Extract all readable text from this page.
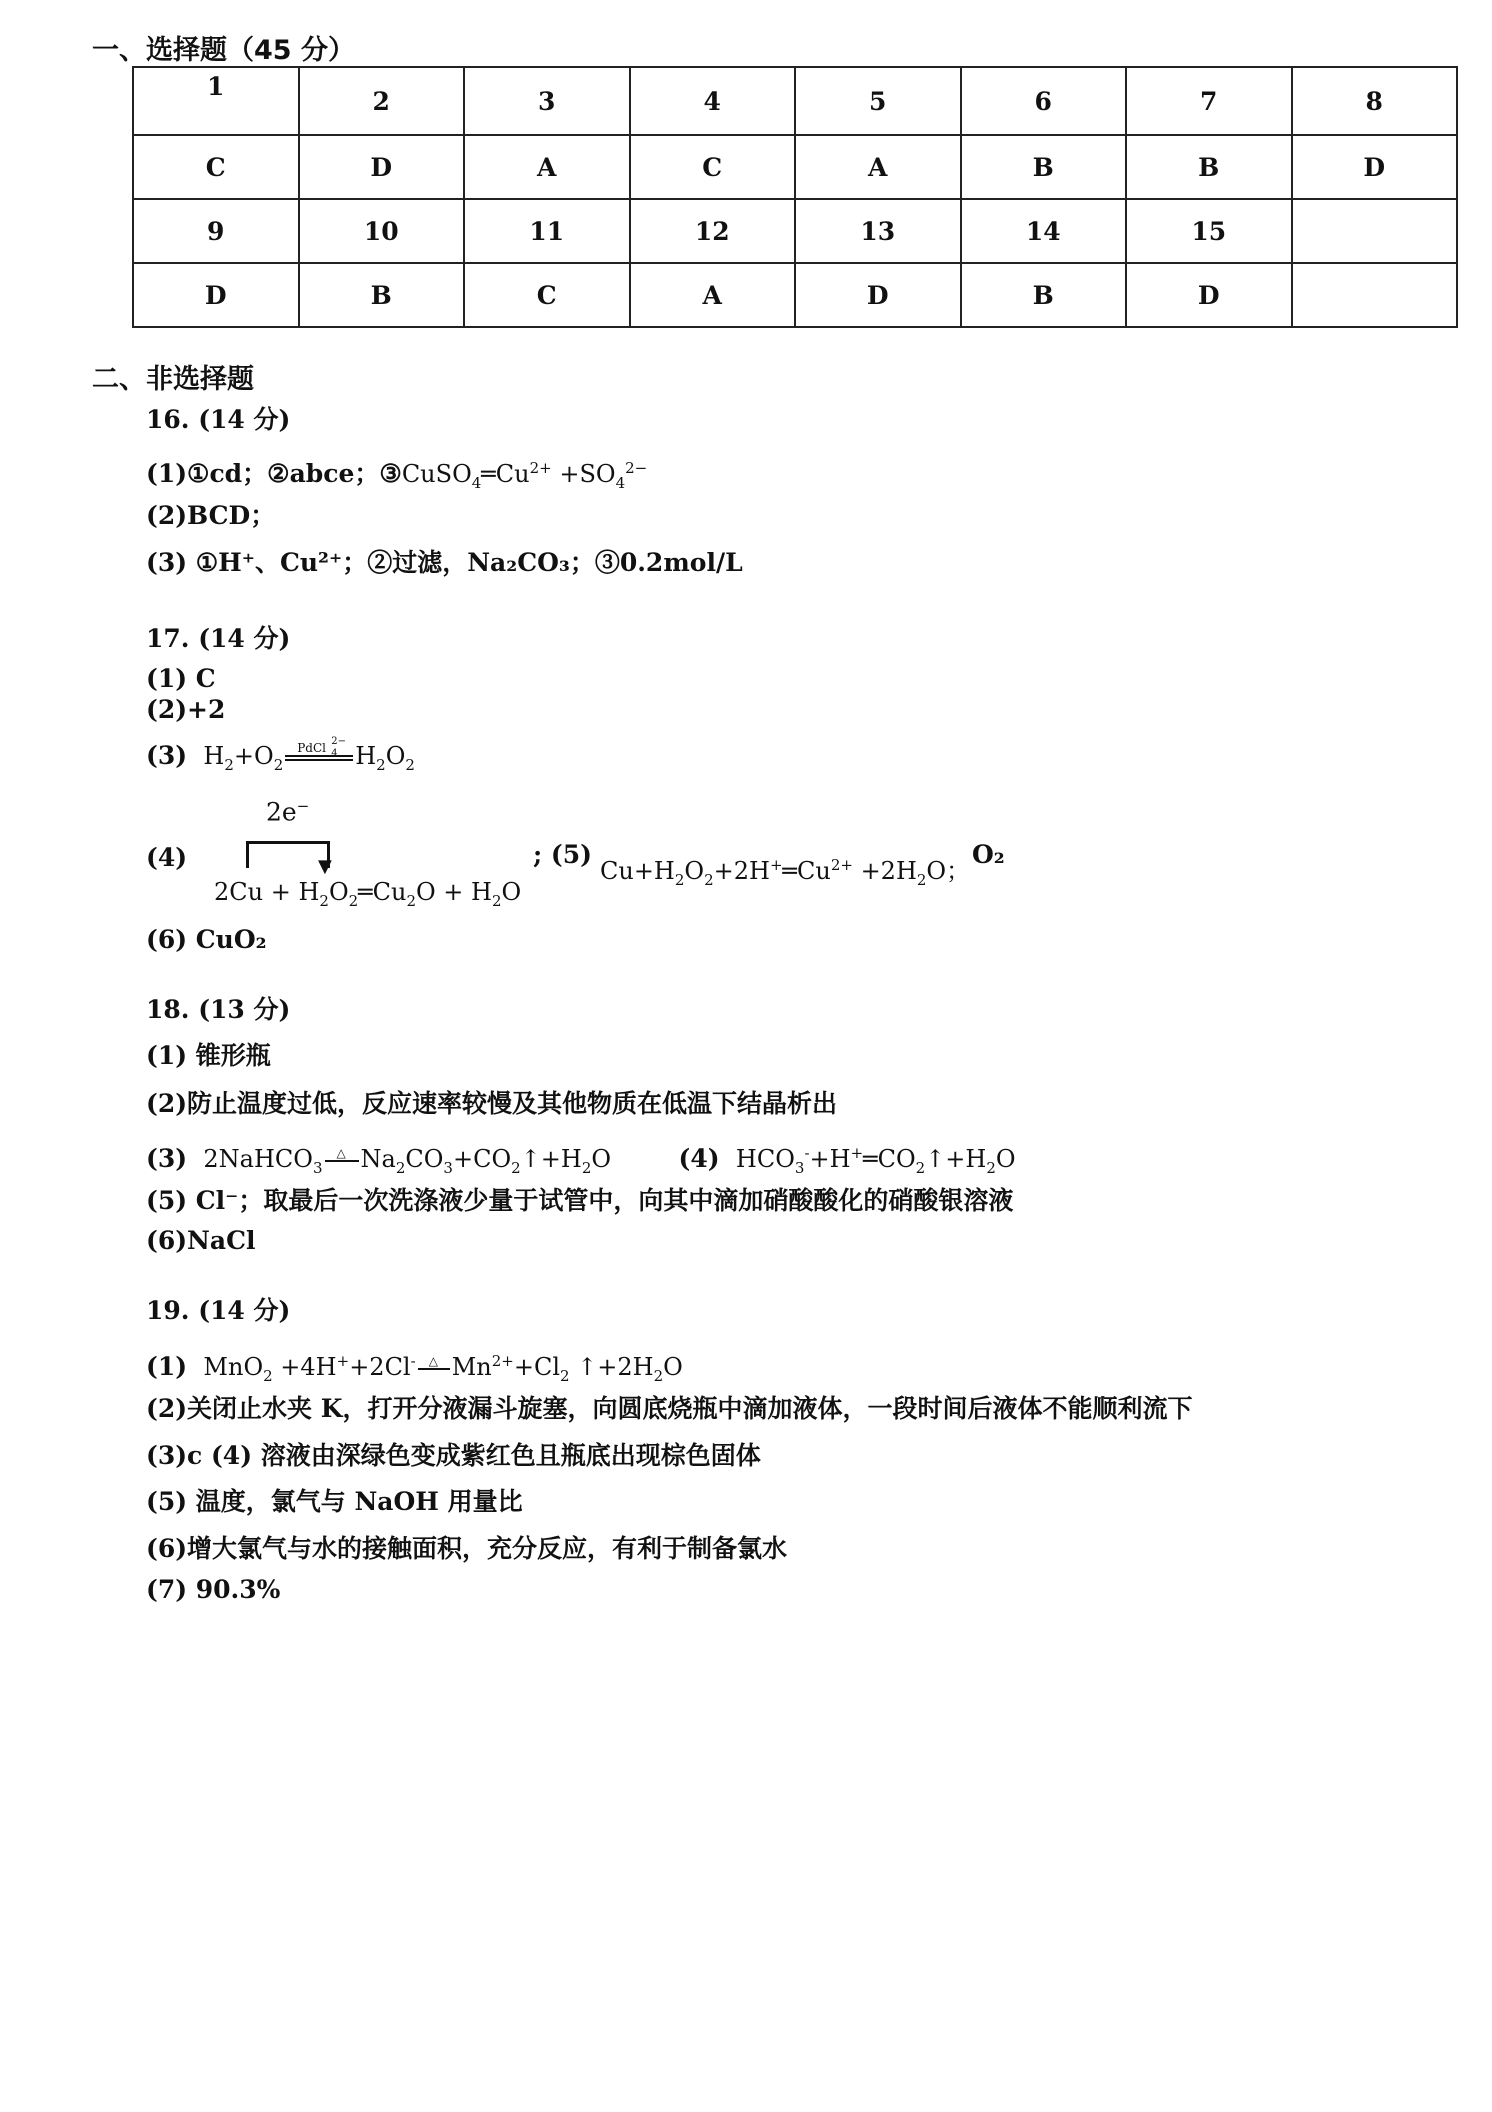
一、选择题（45 分）
1	2	3	4	5	6	7	8
C	D	A	C	A	B	B	D
9	10	11	12	13	14	15	
D	B	C	A	D	B	D	
二、非选择题
16. (14 分)
(1)①cd；②abce；$③CuSO_4═Cu^{2+} +SO_4^{2-}$
(2)BCD；
(3) ①H⁺、Cu²⁺；②过滤，Na₂CO₃；③0.2mol/L
17. (14 分)
(1) C
(2)+2
(3)  $H_2+O_2$
PdCl 2−
4 $H_2O_2$
(4)
2e−
▼
$2Cu + H_2O_2═Cu_2O + H_2O$
; (5)
$Cu+H_2O_2+2H^+═Cu^{2+} +2H_2O$；
O₂
(6) CuO₂
18. (13 分)
(1) 锥形瓶
(2)防止温度过低，反应速率较慢及其他物质在低温下结晶析出
(3)  2NaHCO$_3$
△ $Na_2CO_3+CO_2↑+H_2O$	(4)  $HCO_3^-+H^+═CO_2↑+H_2O$
(5) Cl⁻；取最后一次洗涤液少量于试管中，向其中滴加硝酸酸化的硝酸银溶液
(6)NaCl
19. (14 分)
(1)  MnO$_2$ +4H++2Cl- △ $Mn^{2+}+Cl_2$ $↑+2H_2O$
(2)关闭止水夹 K，打开分液漏斗旋塞，向圆底烧瓶中滴加液体，一段时间后液体不能顺利流下
(3)c (4) 溶液由深绿色变成紫红色且瓶底出现棕色固体
(5) 温度，氯气与 NaOH 用量比
(6)增大氯气与水的接触面积，充分反应，有利于制备氯水
(7) 90.3%
